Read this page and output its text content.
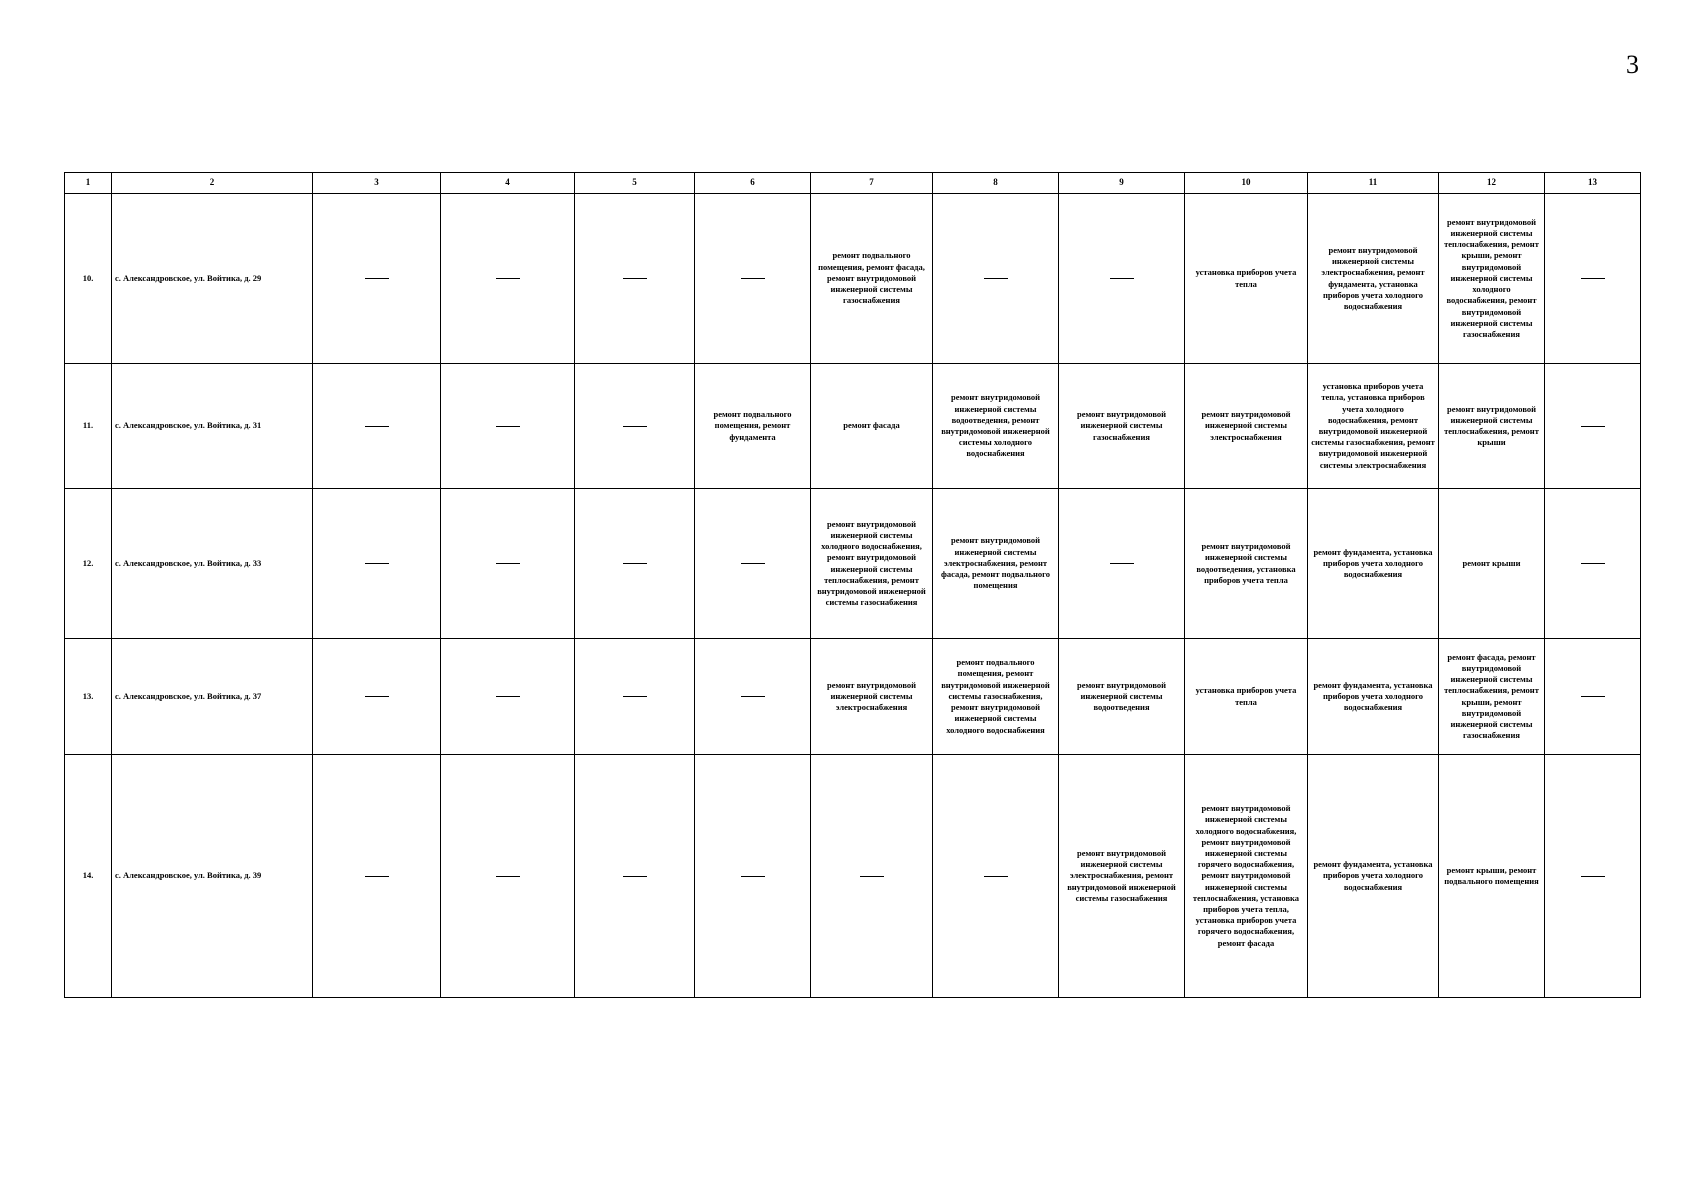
3
1	2	3	4	5	6	7	8	9	10	11	12	13
10.	с. Александровское, ул. Войтика, д. 29					ремонт подвального помещения, ремонт фасада, ремонт внутридомовой инженерной системы газоснабжения			установка приборов учета тепла	ремонт внутридомовой инженерной системы электроснабжения, ремонт фундамента, установка приборов учета холодного водоснабжения	ремонт внутридомовой инженерной системы теплоснабжения, ремонт крыши, ремонт внутридомовой инженерной системы холодного водоснабжения, ремонт внутридомовой инженерной системы газоснабжения	
11.	с. Александровское, ул. Войтика, д. 31				ремонт подвального помещения, ремонт фундамента	ремонт фасада	ремонт внутридомовой инженерной системы водоотведения, ремонт внутридомовой инженерной системы холодного водоснабжения	ремонт внутридомовой инженерной системы газоснабжения	ремонт внутридомовой инженерной системы электроснабжения	установка приборов учета тепла, установка приборов учета холодного водоснабжения, ремонт внутридомовой инженерной системы газоснабжения, ремонт внутридомовой инженерной системы электроснабжения	ремонт внутридомовой инженерной системы теплоснабжения, ремонт крыши	
12.	с. Александровское, ул. Войтика, д. 33					ремонт внутридомовой инженерной системы холодного водоснабжения, ремонт внутридомовой инженерной системы теплоснабжения, ремонт внутридомовой инженерной системы газоснабжения	ремонт внутридомовой инженерной системы электроснабжения, ремонт фасада, ремонт подвального помещения		ремонт внутридомовой инженерной системы водоотведения, установка приборов учета тепла	ремонт фундамента, установка приборов учета холодного водоснабжения	ремонт крыши	
13.	с. Александровское, ул. Войтика, д. 37					ремонт внутридомовой инженерной системы электроснабжения	ремонт подвального помещения, ремонт внутридомовой инженерной системы газоснабжения, ремонт внутридомовой инженерной системы холодного водоснабжения	ремонт внутридомовой инженерной системы водоотведения	установка приборов учета тепла	ремонт фундамента, установка приборов учета холодного водоснабжения	ремонт фасада, ремонт внутридомовой инженерной системы теплоснабжения, ремонт крыши, ремонт внутридомовой инженерной системы газоснабжения	
14.	с. Александровское, ул. Войтика, д. 39							ремонт внутридомовой инженерной системы электроснабжения, ремонт внутридомовой инженерной системы газоснабжения	ремонт внутридомовой инженерной системы холодного водоснабжения, ремонт внутридомовой инженерной системы горячего водоснабжения, ремонт внутридомовой инженерной системы теплоснабжения, установка приборов учета тепла, установка приборов учета горячего водоснабжения, ремонт фасада	ремонт фундамента, установка приборов учета холодного водоснабжения	ремонт крыши, ремонт подвального помещения	
